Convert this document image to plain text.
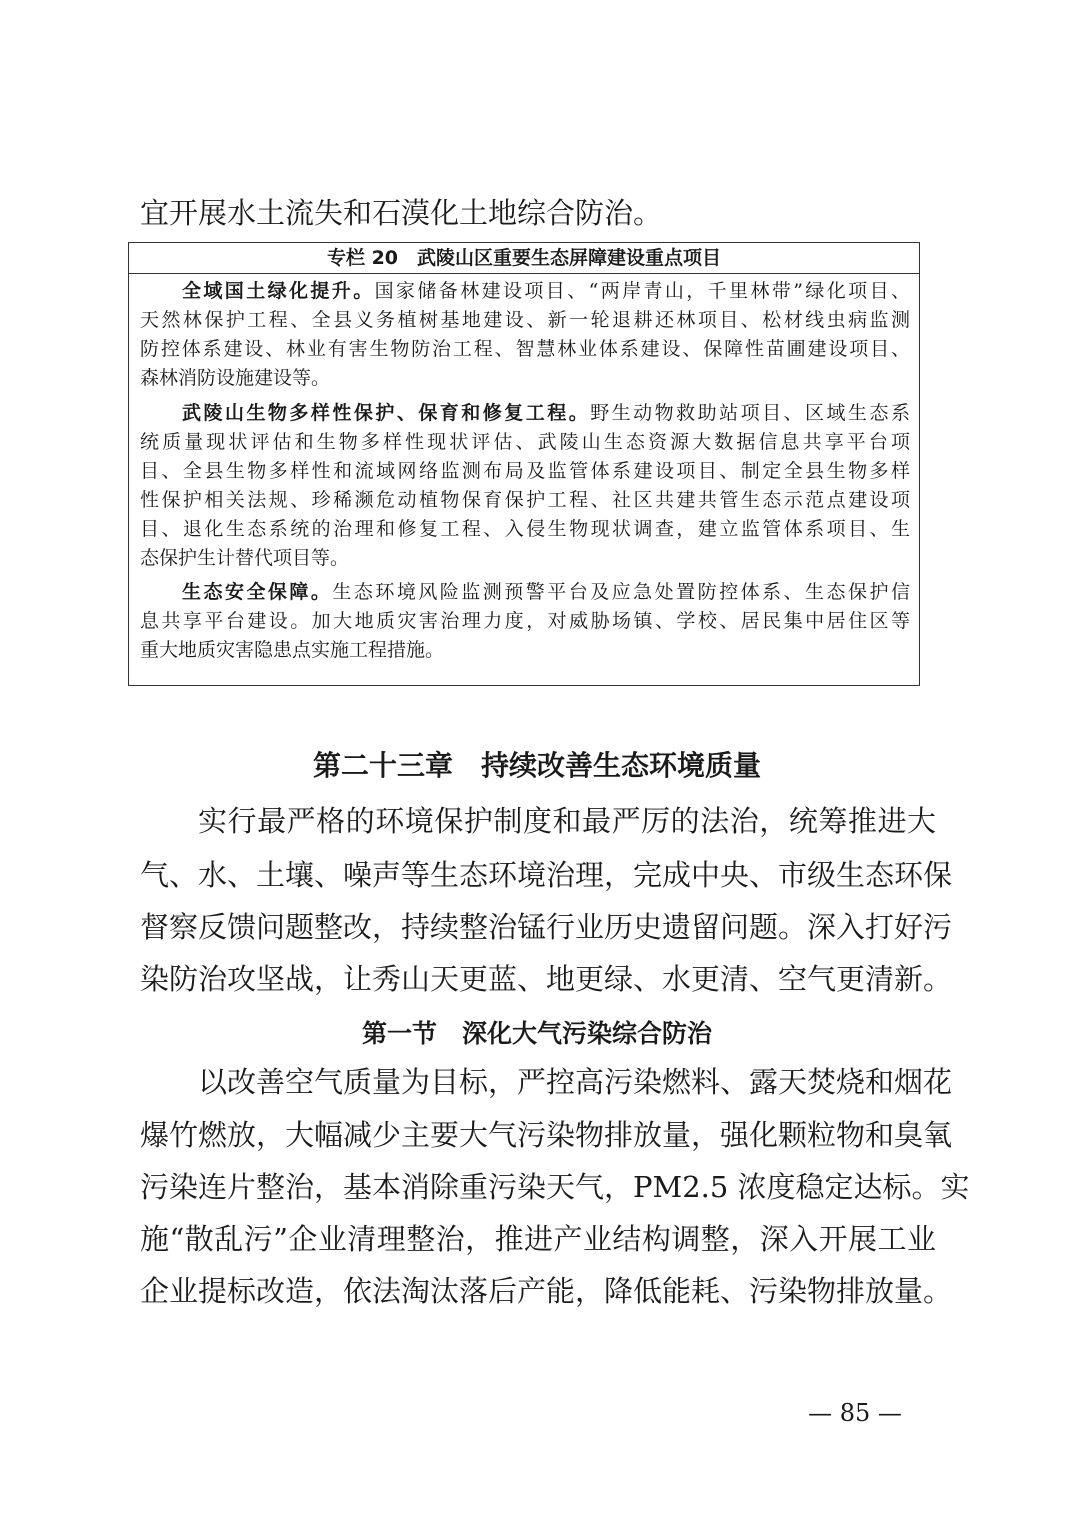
宜开展水土流失和石漠化土地综合防治。

专栏 20　武陵山区重要生态屏障建设重点项目

全域国土绿化提升。国家储备林建设项目、“两岸青山，千里林带”绿化项目、

天然林保护工程、全县义务植树基地建设、新一轮退耕还林项目、松材线虫病监测

防控体系建设、林业有害生物防治工程、智慧林业体系建设、保障性苗圃建设项目、

森林消防设施建设等。

武陵山生物多样性保护、保育和修复工程。野生动物救助站项目、区域生态系

统质量现状评估和生物多样性现状评估、武陵山生态资源大数据信息共享平台项

目、全县生物多样性和流域网络监测布局及监管体系建设项目、制定全县生物多样

性保护相关法规、珍稀濒危动植物保育保护工程、社区共建共管生态示范点建设项

目、退化生态系统的治理和修复工程、入侵生物现状调查，建立监管体系项目、生

态保护生计替代项目等。

生态安全保障。生态环境风险监测预警平台及应急处置防控体系、生态保护信

息共享平台建设。加大地质灾害治理力度，对威胁场镇、学校、居民集中居住区等

重大地质灾害隐患点实施工程措施。

第二十三章　持续改善生态环境质量

实行最严格的环境保护制度和最严厉的法治，统筹推进大

气、水、土壤、噪声等生态环境治理，完成中央、市级生态环保

督察反馈问题整改，持续整治锰行业历史遗留问题。深入打好污

染防治攻坚战，让秀山天更蓝、地更绿、水更清、空气更清新。

第一节　深化大气污染综合防治

以改善空气质量为目标，严控高污染燃料、露天焚烧和烟花

爆竹燃放，大幅减少主要大气污染物排放量，强化颗粒物和臭氧

污染连片整治，基本消除重污染天气，PM2.5 浓度稳定达标。实

施“散乱污”企业清理整治，推进产业结构调整，深入开展工业

企业提标改造，依法淘汰落后产能，降低能耗、污染物排放量。

— 85 —
